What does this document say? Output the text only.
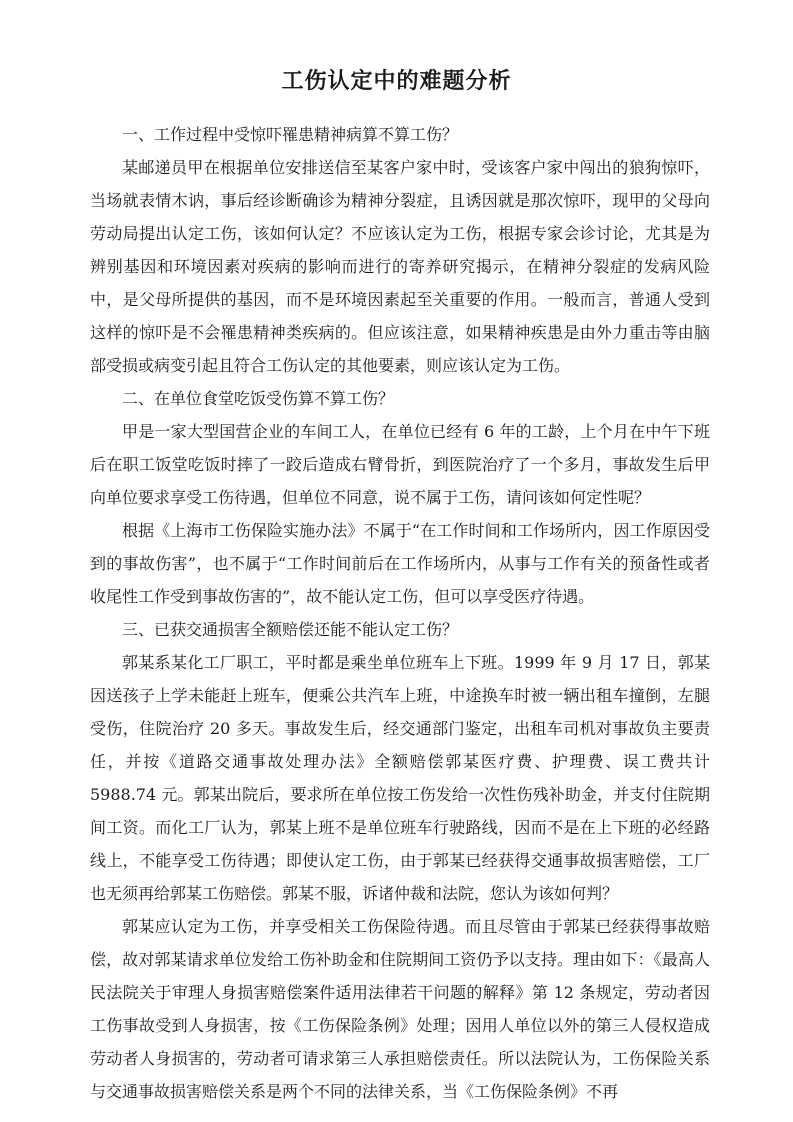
工伤认定中的难题分析

一、工作过程中受惊吓罹患精神病算不算工伤？

某邮递员甲在根据单位安排送信至某客户家中时，受该客户家中闯出的狼狗惊吓，当场就表情木讷，事后经诊断确诊为精神分裂症，且诱因就是那次惊吓，现甲的父母向劳动局提出认定工伤，该如何认定？不应该认定为工伤，根据专家会诊讨论，尤其是为辨别基因和环境因素对疾病的影响而进行的寄养研究揭示，在精神分裂症的发病风险中，是父母所提供的基因，而不是环境因素起至关重要的作用。一般而言，普通人受到这样的惊吓是不会罹患精神类疾病的。但应该注意，如果精神疾患是由外力重击等由脑部受损或病变引起且符合工伤认定的其他要素，则应该认定为工伤。

二、在单位食堂吃饭受伤算不算工伤？

甲是一家大型国营企业的车间工人，在单位已经有 6 年的工龄，上个月在中午下班后在职工饭堂吃饭时摔了一跤后造成右臂骨折，到医院治疗了一个多月，事故发生后甲向单位要求享受工伤待遇，但单位不同意，说不属于工伤，请问该如何定性呢？

根据《上海市工伤保险实施办法》不属于“在工作时间和工作场所内，因工作原因受到的事故伤害”，也不属于“工作时间前后在工作场所内，从事与工作有关的预备性或者收尾性工作受到事故伤害的”，故不能认定工伤，但可以享受医疗待遇。

三、已获交通损害全额赔偿还能不能认定工伤？

郭某系某化工厂职工，平时都是乘坐单位班车上下班。1999 年 9 月 17 日，郭某因送孩子上学未能赶上班车，便乘公共汽车上班，中途换车时被一辆出租车撞倒，左腿受伤，住院治疗 20 多天。事故发生后，经交通部门鉴定，出租车司机对事故负主要责任，并按《道路交通事故处理办法》全额赔偿郭某医疗费、护理费、误工费共计 5988.74 元。郭某出院后，要求所在单位按工伤发给一次性伤残补助金，并支付住院期间工资。而化工厂认为，郭某上班不是单位班车行驶路线，因而不是在上下班的必经路线上，不能享受工伤待遇；即使认定工伤，由于郭某已经获得交通事故损害赔偿，工厂也无须再给郭某工伤赔偿。郭某不服，诉诸仲裁和法院，您认为该如何判？

郭某应认定为工伤，并享受相关工伤保险待遇。而且尽管由于郭某已经获得事故赔偿，故对郭某请求单位发给工伤补助金和住院期间工资仍予以支持。理由如下：《最高人民法院关于审理人身损害赔偿案件适用法律若干问题的解释》第 12 条规定，劳动者因工伤事故受到人身损害，按《工伤保险条例》处理；因用人单位以外的第三人侵权造成劳动者人身损害的，劳动者可请求第三人承担赔偿责任。所以法院认为，工伤保险关系与交通事故损害赔偿关系是两个不同的法律关系，当《工伤保险条例》不再
